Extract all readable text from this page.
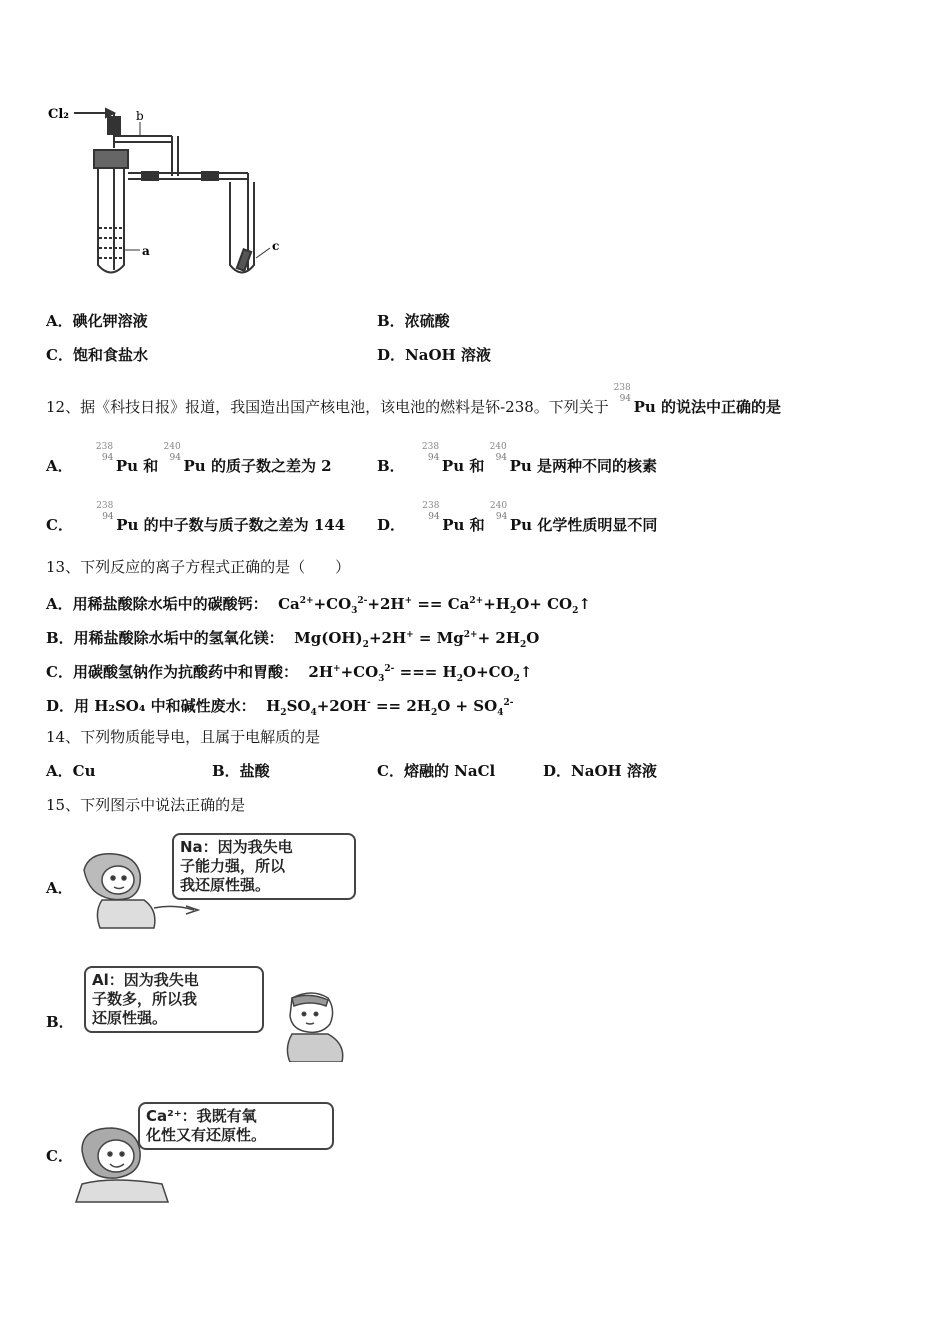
Cl₂	b
a	c
A．碘化钾溶液	B．浓硫酸
C．饱和食盐水	D．NaOH 溶液
12、据《科技日报》报道，我国造出国产核电池，该电池的燃料是钚-238。下列关于
238
94 Pu 的说法中正确的是
A．
238
94 Pu 和
240
94 Pu 的质子数之差为 2	B．
238
94 Pu 和
240
94 Pu 是两种不同的核素
C．
238
94 Pu 的中子数与质子数之差为 144 D．
238
94 Pu 和
240
94 Pu 化学性质明显不同
13、下列反应的离子方程式正确的是（　　）
A．用稀盐酸除水垢中的碳酸钙：  $Ca^{2+}+CO_3^{2-}+2H^+ == Ca^{2+}+H_2O+$ $CO_2↑$
B．用稀盐酸除水垢中的氢氧化镁：  $Mg(OH)_2+2H^+ = Mg^{2+}+ 2H_2O$
C．用碳酸氢钠作为抗酸药中和胃酸：  $2H^++CO_3^{2-}$ === $H_2O+CO_2↑$
D．用 H₂SO₄ 中和碱性废水：  $H_2SO_4+2OH^- == 2H_2O + SO_4^{2-}$
14、下列物质能导电，且属于电解质的是
A．Cu	B．盐酸	C．熔融的 NaCl	D．NaOH 溶液
15、下列图示中说法正确的是
A．
Na：因为我失电
子能力强，所以
我还原性强。
B．
Al：因为我失电
子数多，所以我
还原性强。
C．
Ca²⁺：我既有氧
化性又有还原性。
